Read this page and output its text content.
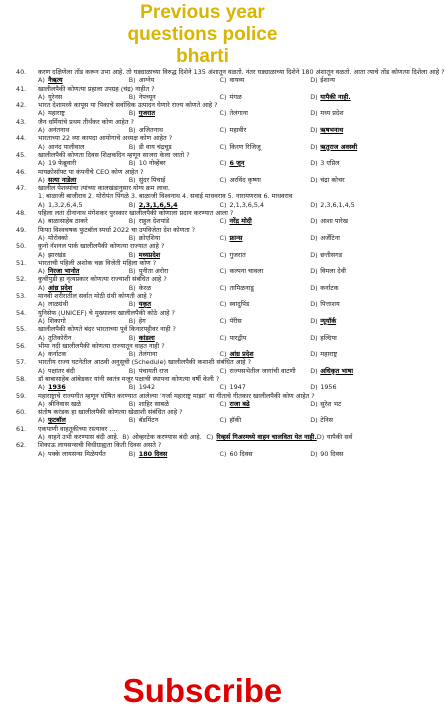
Previous year
questions police
bharti
40.	करण दक्षिणेला तोंड करून उभा आहे. तो घड्याळाच्या विरुद्ध दिशेने 135 अंशातून वळतो. नंतर घड्याळाच्या दिशेने 180 अंशातून वळतो. आता त्याचे तोंड कोणत्या दिशेला आहे ?
A) नैऋत्य	B) आग्नेय	C) वायव्य	D) ईशान्य
41.	खालीलपैकी कोणत्या प्रहाला उपग्रह (चंद्र) नाहीत ?
A) युरेनस	B) नेपच्यून	C) मंगळ	D) यापैकी नाही.
42.	भारत देशामध्ये कापूस या पिकाचे सर्वाधिक उत्पादन घेणारे राज्य कोणते आहे ?
A) महाराष्ट्र	B) गुजरात	C) तेलंगाना	D) मध्य प्रदेश
43.	जैन धर्मियांचे प्रथम तीर्थंकर कोण आहेत ?
A) अनंतनाथ	B) अजितनाथ	C) महावीर	D) ऋषभनाथ
44.	भारताच्या 22 व्या कायदा आयोगाचे अध्यक्ष कोण आहेत ?
A) आनंद पालीवाल	B) डी वाय चंद्रचूड	C) किरण रिजिजू	D) ऋतुराज अवस्थी
45.	खालीलपैकी कोणता दिवस शिक्षकदिन म्हणून साजरा केला जातो ?
A) 19 फेब्रुवारी	B) 10 नोव्हेंबर	C) 6 जून	D) 3 एप्रिल
46.	मायक्रोसॉफ्ट या कंपनीचे CEO कोण आहेत ?
A) सत्या नाडेला	B) सुंदर पिचाई	C) अरविंद कृष्णा	D) चंद्रा कोचर
47.	खालील पेशव्यांचा त्यांच्या कालखंडानुसार योग्य क्रम लावा.
1. बाळाजी बाजीराव 2. मोरोपंत पिंगळे 3. बाळाजी विश्वनाथ 4. सवाई माधवराव 5. नारायणराव 6. माधवराव
A) 1,3,2,6,4,5	B) 2,3,1,6,5,4	C) 2,1,3,6,5,4	D) 2,3,6,1,4,5
48.	पहिला लता दीनानाथ मंगेशकर पुरस्कार खालीलपैकी कोणाला प्रदान करण्यात आला ?
A) बाळासाहेब ठाकरे	B) राहुल देशपांडे	C) नरेंद्र मोदी	D) आशा पारेख
49.	फिफा विश्वचषक फुटबॉल स्पर्धा 2022 चा उपविजेता देश कोणता ?
A) मोरोक्को	B) क्रोएशिया	C) फ्रान्स	D) अर्जेंटिना
50.	कुनो नॅशनल पार्क खालीलपैकी कोणत्या राज्यात आहे ?
A) झारखंड	B) मध्यप्रदेश	C) गुजरात	D) छत्तीसगड
51.	भारताची पहिली अशोक चक्र विजेती महिला कोण ?
A) निरजा भानोत	B) पुनीता अरोरा	C) कल्पना चावला	D) विमला देवी
52.	कुचीपुडी हा नृत्यप्रकार कोणत्या राज्याशी संबंधित आहे ?
A) आंध्र प्रदेश	B) केरळ	C) तामिळनाडू	D) कर्नाटक
53.	मानवी शरीरातील सर्वात मोठी ग्रंथी कोणती आहे ?
A) लाळग्रंथी	B) यकृत	C) स्वादुपिंड	D) पित्ताशय
54.	युनिसेफ (UNICEF) चे मुख्यालय खालीलपैकी कोठे आहे ?
A) शिकागो	B) हेग	C) पॅरीस	D) न्यूयॉर्क
55.	खालीलपैकी कोणते बंदर भारताच्या पूर्व किनारपट्टीवर नाही ?
A) तुतिकोरीन	B) कांडला	C) पारद्वीप	D) हल्दिया
56.	भीमा नदी खालीलपैकी कोणत्या राज्यातून वाहत नाही ?
A) कर्नाटक	B) तेलंगाना	C) आंध्र प्रदेश	D) महाराष्ट्र
57.	भारतीय राज्य घटनेतील आठवी अनुसूची (Schedule) खालीलपैकी कशाशी संबंधित आहे ?
A) पक्षांतर बंदी	B) पंचायती राज	C) राज्यसभेतील जागांची वाटणी	D) अधिकृत भाषा
58.	डॉ बाबासाहेब आंबेडकर यांनी स्वतंत्र मजूर पक्षाची स्थापना कोणत्या वर्षी केली ?
A) 1936	B) 1942	C) 1947	D) 1956
59.	महाराष्ट्राचे राज्यगीत म्हणून घोषित करण्यात आलेल्या ‘गर्जा महाराष्ट्र माझा’ या गीताचे गीतकार खालीलपैकी कोण आहेत ?
A) श्रीनिवास खळे	B) शाहिर साबळे	C) राजा बढे	D) सुरेश भट
60.	संतोष करंडक हा खालीलपैकी कोणत्या खेळाशी संबंधित आहे ?
A) फुटबॉल	B) बॅडमिंटन	C) हॉकी	D) टेनिस
61.	एकपाणी वाहतूकीच्या रस्त्यावर ....
A) वाहने उभी करण्यास बंदी आहे. B) ओव्हरटेक करण्यास बंदी आहे. C) रिव्हर्स गिअरमध्ये वाहन चालविता येत नाही. D) यापैकी सर्व
62.	शिकाऊ लायसन्सची विधीग्राह्यता किती दिवस असते ?
A) पक्के लायसन्स मिळेपर्यंत	B) 180 दिवस	C) 60 दिवस	D) 90 दिवस
Subscribe
